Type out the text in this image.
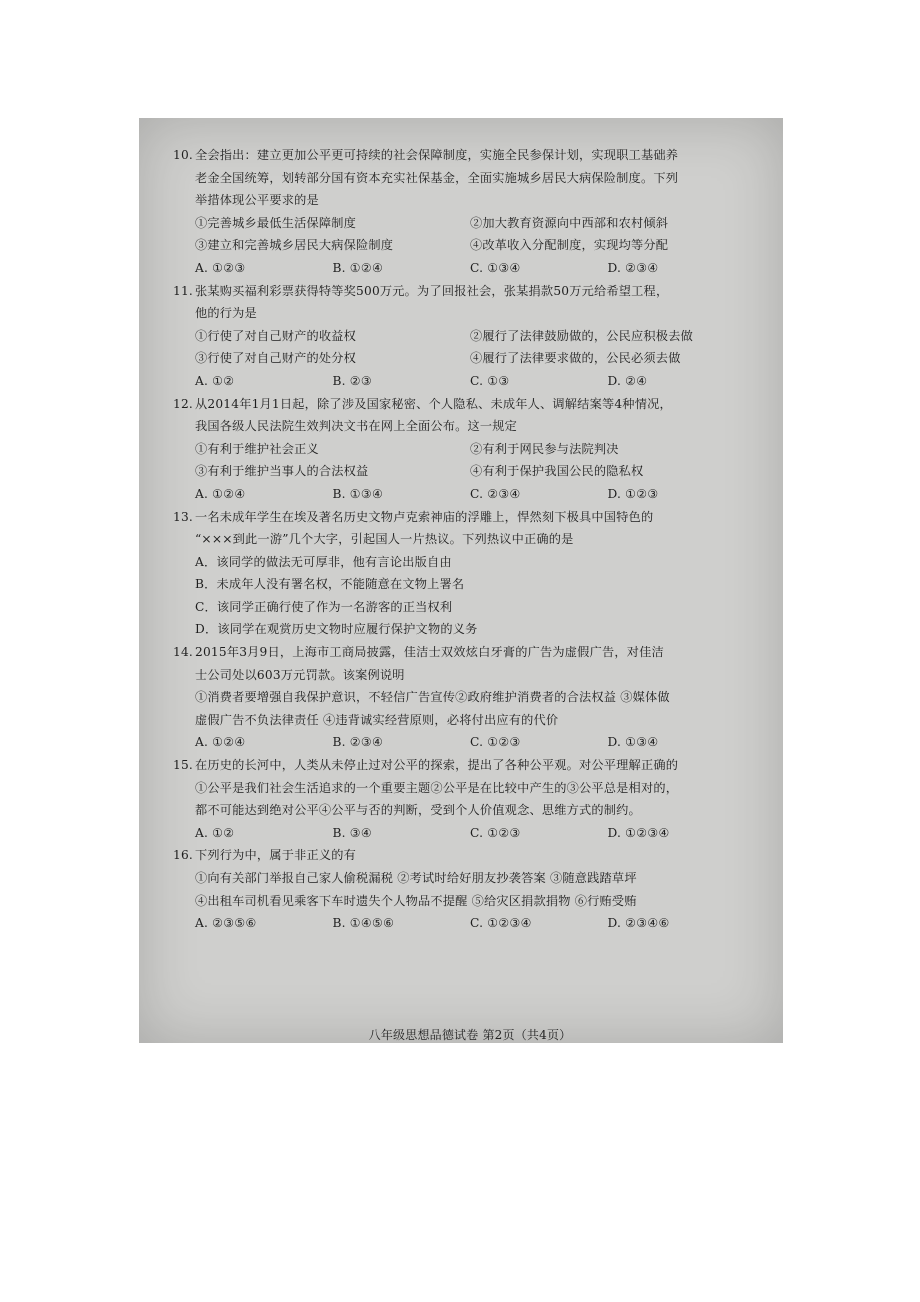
10. 全会指出：建立更加公平更可持续的社会保障制度，实施全民参保计划，实现职工基础养
老金全国统筹，划转部分国有资本充实社保基金，全面实施城乡居民大病保险制度。下列
举措体现公平要求的是
①完善城乡最低生活保障制度	②加大教育资源向中西部和农村倾斜
③建立和完善城乡居民大病保险制度	④改革收入分配制度，实现均等分配
A. ①②③	B. ①②④	C. ①③④	D. ②③④
11. 张某购买福利彩票获得特等奖500万元。为了回报社会，张某捐款50万元给希望工程，
他的行为是
①行使了对自己财产的收益权	②履行了法律鼓励做的，公民应积极去做
③行使了对自己财产的处分权	④履行了法律要求做的，公民必须去做
A. ①②	B. ②③	C. ①③	D. ②④
12. 从2014年1月1日起，除了涉及国家秘密、个人隐私、未成年人、调解结案等4种情况，
我国各级人民法院生效判决文书在网上全面公布。这一规定
①有利于维护社会正义	②有利于网民参与法院判决
③有利于维护当事人的合法权益	④有利于保护我国公民的隐私权
A. ①②④	B. ①③④	C. ②③④	D. ①②③
13. 一名未成年学生在埃及著名历史文物卢克索神庙的浮雕上，悍然刻下极具中国特色的
“×××到此一游”几个大字，引起国人一片热议。下列热议中正确的是
A．该同学的做法无可厚非，他有言论出版自由
B．未成年人没有署名权，不能随意在文物上署名
C．该同学正确行使了作为一名游客的正当权利
D．该同学在观赏历史文物时应履行保护文物的义务
14. 2015年3月9日，上海市工商局披露，佳洁士双效炫白牙膏的广告为虚假广告，对佳洁
士公司处以603万元罚款。该案例说明
①消费者要增强自我保护意识，不轻信广告宣传②政府维护消费者的合法权益 ③媒体做
虚假广告不负法律责任 ④违背诚实经营原则，必将付出应有的代价
A. ①②④	B. ②③④	C. ①②③	D. ①③④
15. 在历史的长河中，人类从未停止过对公平的探索，提出了各种公平观。对公平理解正确的
①公平是我们社会生活追求的一个重要主题②公平是在比较中产生的③公平总是相对的，
都不可能达到绝对公平④公平与否的判断，受到个人价值观念、思维方式的制约。
A. ①②	B. ③④	C. ①②③	D. ①②③④
16. 下列行为中，属于非正义的有
①向有关部门举报自己家人偷税漏税 ②考试时给好朋友抄袭答案 ③随意践踏草坪
④出租车司机看见乘客下车时遗失个人物品不提醒 ⑤给灾区捐款捐物 ⑥行贿受贿
A. ②③⑤⑥	B. ①④⑤⑥	C. ①②③④	D. ②③④⑥
八年级思想品德试卷 第2页（共4页）
